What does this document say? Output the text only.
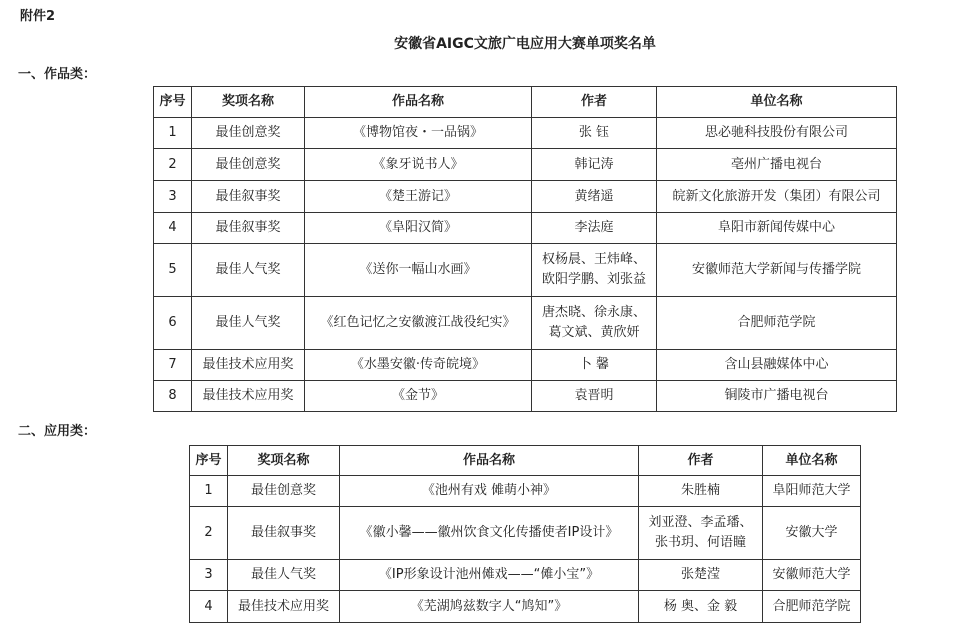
附件2
安徽省AIGC文旅广电应用大赛单项奖名单
一、作品类：
序号	奖项名称	作品名称	作者	单位名称
1	最佳创意奖	《博物馆夜・一品锅》	张 钰	思必驰科技股份有限公司
2	最佳创意奖	《象牙说书人》	韩记涛	亳州广播电视台
3	最佳叙事奖	《楚王游记》	黄绪遥	皖新文化旅游开发（集团）有限公司
4	最佳叙事奖	《阜阳汉简》	李法庭	阜阳市新闻传媒中心
5	最佳人气奖	《送你一幅山水画》	权杨晨、王炜峰、
欧阳学鹏、刘张益	安徽师范大学新闻与传播学院
6	最佳人气奖	《红色记忆之安徽渡江战役纪实》	唐杰晓、徐永康、
葛文斌、黄欣妍	合肥师范学院
7	最佳技术应用奖	《水墨安徽·传奇皖境》	卜 馨	含山县融媒体中心
8	最佳技术应用奖	《金节》	袁晋明	铜陵市广播电视台
二、应用类：
序号	奖项名称	作品名称	作者	单位名称
1	最佳创意奖	《池州有戏 傩萌小神》	朱胜楠	阜阳师范大学
2	最佳叙事奖	《徽小馨——徽州饮食文化传播使者IP设计》	刘亚澄、李孟璠、
张书玥、何语瞳	安徽大学
3	最佳人气奖	《IP形象设计池州傩戏——“傩小宝”》	张楚滢	安徽师范大学
4	最佳技术应用奖	《芜湖鸠兹数字人“鸠知”》	杨 奥、金 毅	合肥师范学院
